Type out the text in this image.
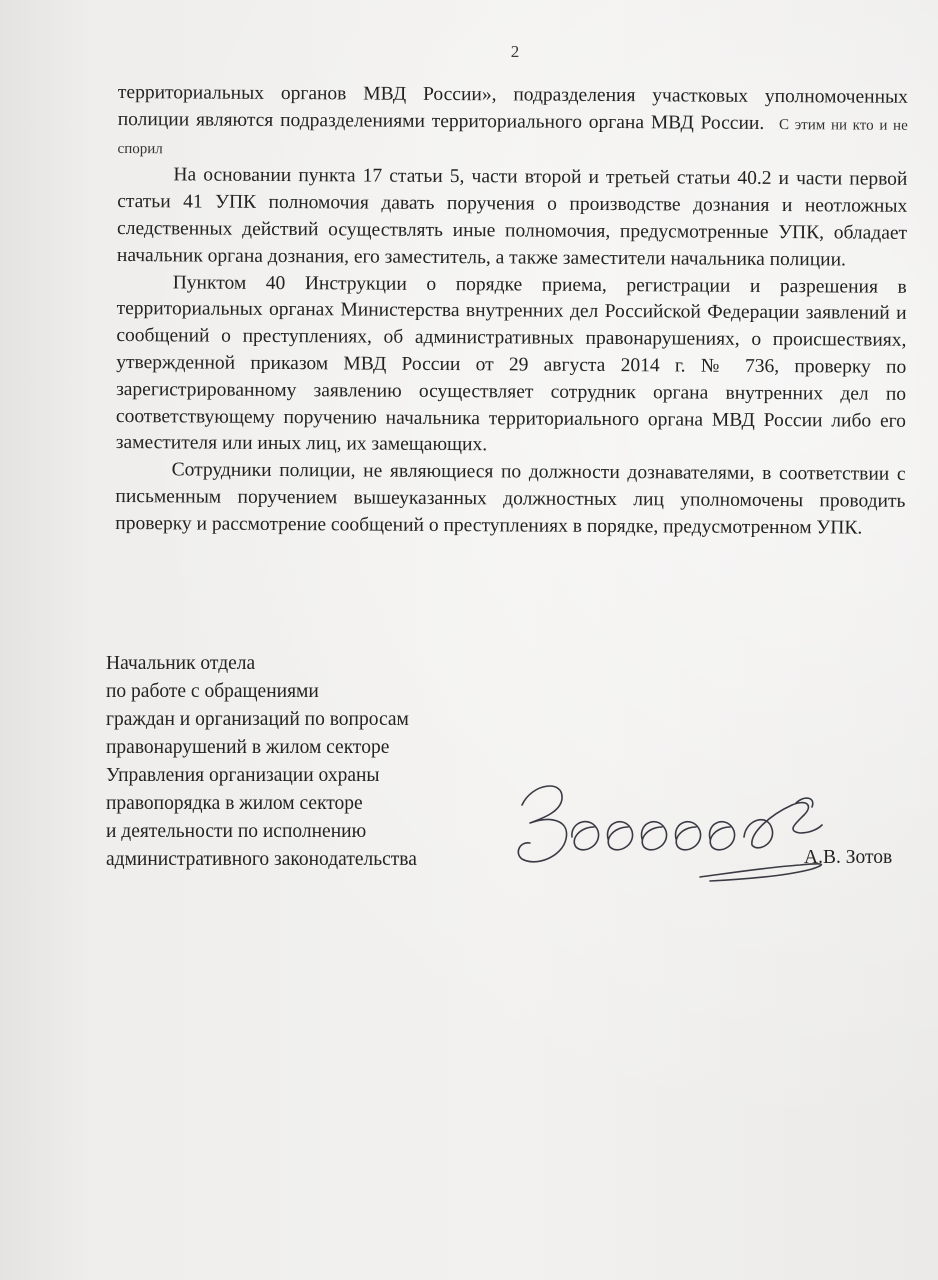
2

территориальных органов МВД России», подразделения участковых уполномоченных полиции являются подразделениями территориального органа МВД России. С этим ни кто и не спорил

На основании пункта 17 статьи 5, части второй и третьей статьи 40.2 и части первой статьи 41 УПК полномочия давать поручения о производстве дознания и неотложных следственных действий осуществлять иные полномочия, предусмотренные УПК, обладает начальник органа дознания, его заместитель, а также заместители начальника полиции.

Пунктом 40 Инструкции о порядке приема, регистрации и разрешения в территориальных органах Министерства внутренних дел Российской Федерации заявлений и сообщений о преступлениях, об административных правонарушениях, о происшествиях, утвержденной приказом МВД России от 29 августа 2014 г. № 736, проверку по зарегистрированному заявлению осуществляет сотрудник органа внутренних дел по соответствующему поручению начальника территориального органа МВД России либо его заместителя или иных лиц, их замещающих.

Сотрудники полиции, не являющиеся по должности дознавателями, в соответствии с письменным поручением вышеуказанных должностных лиц уполномочены проводить проверку и рассмотрение сообщений о преступлениях в порядке, предусмотренном УПК.

Начальник отдела
по работе с обращениями
граждан и организаций по вопросам
правонарушений в жилом секторе
Управления организации охраны
правопорядка в жилом секторе
и деятельности по исполнению
административного законодательства	А.В. Зотов
